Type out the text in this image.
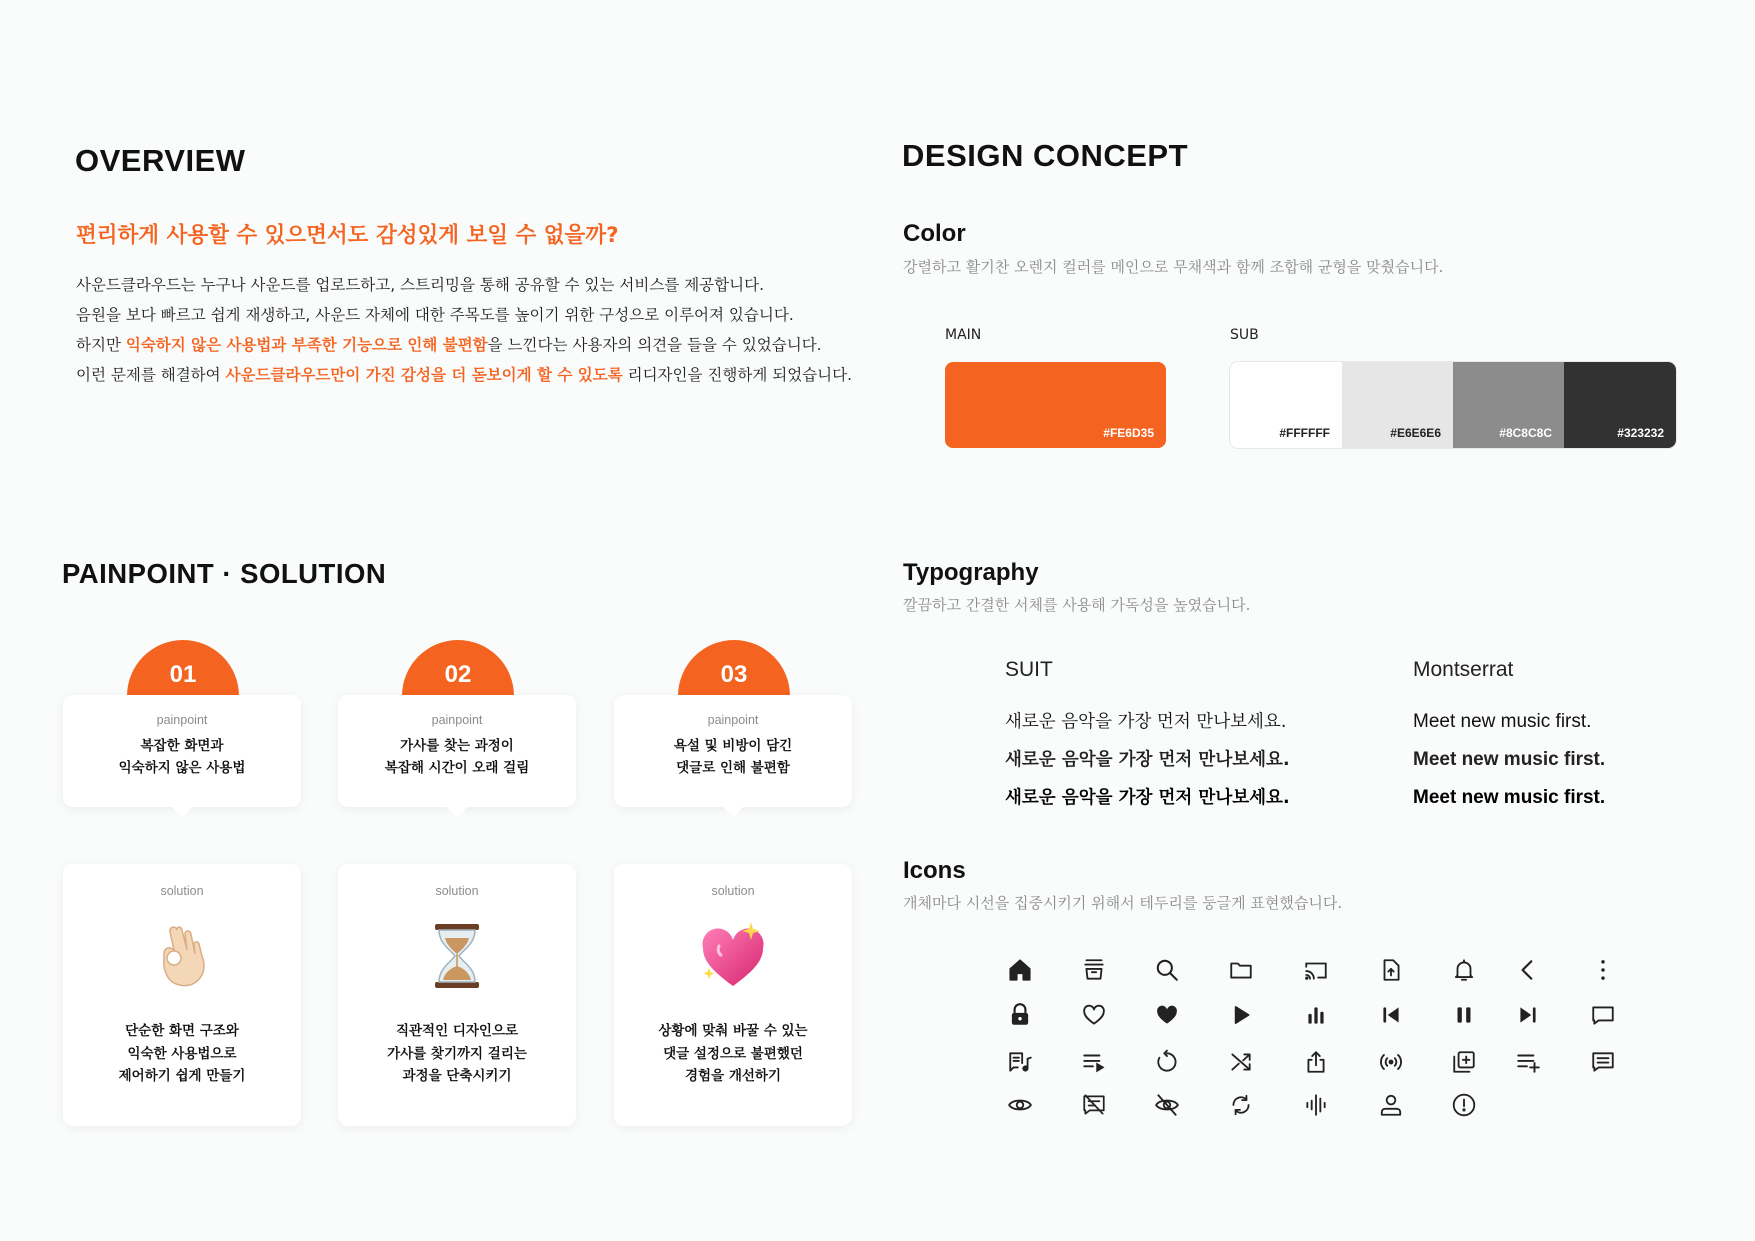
OVERVIEW
편리하게 사용할 수 있으면서도 감성있게 보일 수 없을까?
사운드클라우드는 누구나 사운드를 업로드하고, 스트리밍을 통해 공유할 수 있는 서비스를 제공합니다.
음원을 보다 빠르고 쉽게 재생하고, 사운드 자체에 대한 주목도를 높이기 위한 구성으로 이루어져 있습니다.
하지만 익숙하지 않은 사용법과 부족한 기능으로 인해 불편함을 느낀다는 사용자의 의견을 들을 수 있었습니다.
이런 문제를 해결하여 사운드클라우드만이 가진 감성을 더 돋보이게 할 수 있도록 리디자인을 진행하게 되었습니다.
DESIGN CONCEPT
Color
강렬하고 활기찬 오렌지 컬러를 메인으로 무채색과 함께 조합해 균형을 맞췄습니다.
MAIN	SUB
#FE6D35	#FFFFFF	#E6E6E6	#8C8C8C	#323232
Typography
깔끔하고 간결한 서체를 사용해 가독성을 높였습니다.
SUIT
새로운 음악을 가장 먼저 만나보세요.
새로운 음악을 가장 먼저 만나보세요.
새로운 음악을 가장 먼저 만나보세요.
Montserrat
Meet new music first.
Meet new music first.
Meet new music first.
Icons
개체마다 시선을 집중시키기 위해서 테두리를 둥글게 표현했습니다.
PAINPOINT · SOLUTION
01
painpoint
복잡한 화면과
익숙하지 않은 사용법
solution
단순한 화면 구조와
익숙한 사용법으로
제어하기 쉽게 만들기
02
painpoint
가사를 찾는 과정이
복잡해 시간이 오래 걸림
solution
직관적인 디자인으로
가사를 찾기까지 걸리는
과정을 단축시키기
03
painpoint
욕설 및 비방이 담긴
댓글로 인해 불편함
solution
상황에 맞춰 바꿀 수 있는
댓글 설정으로 불편했던
경험을 개선하기
